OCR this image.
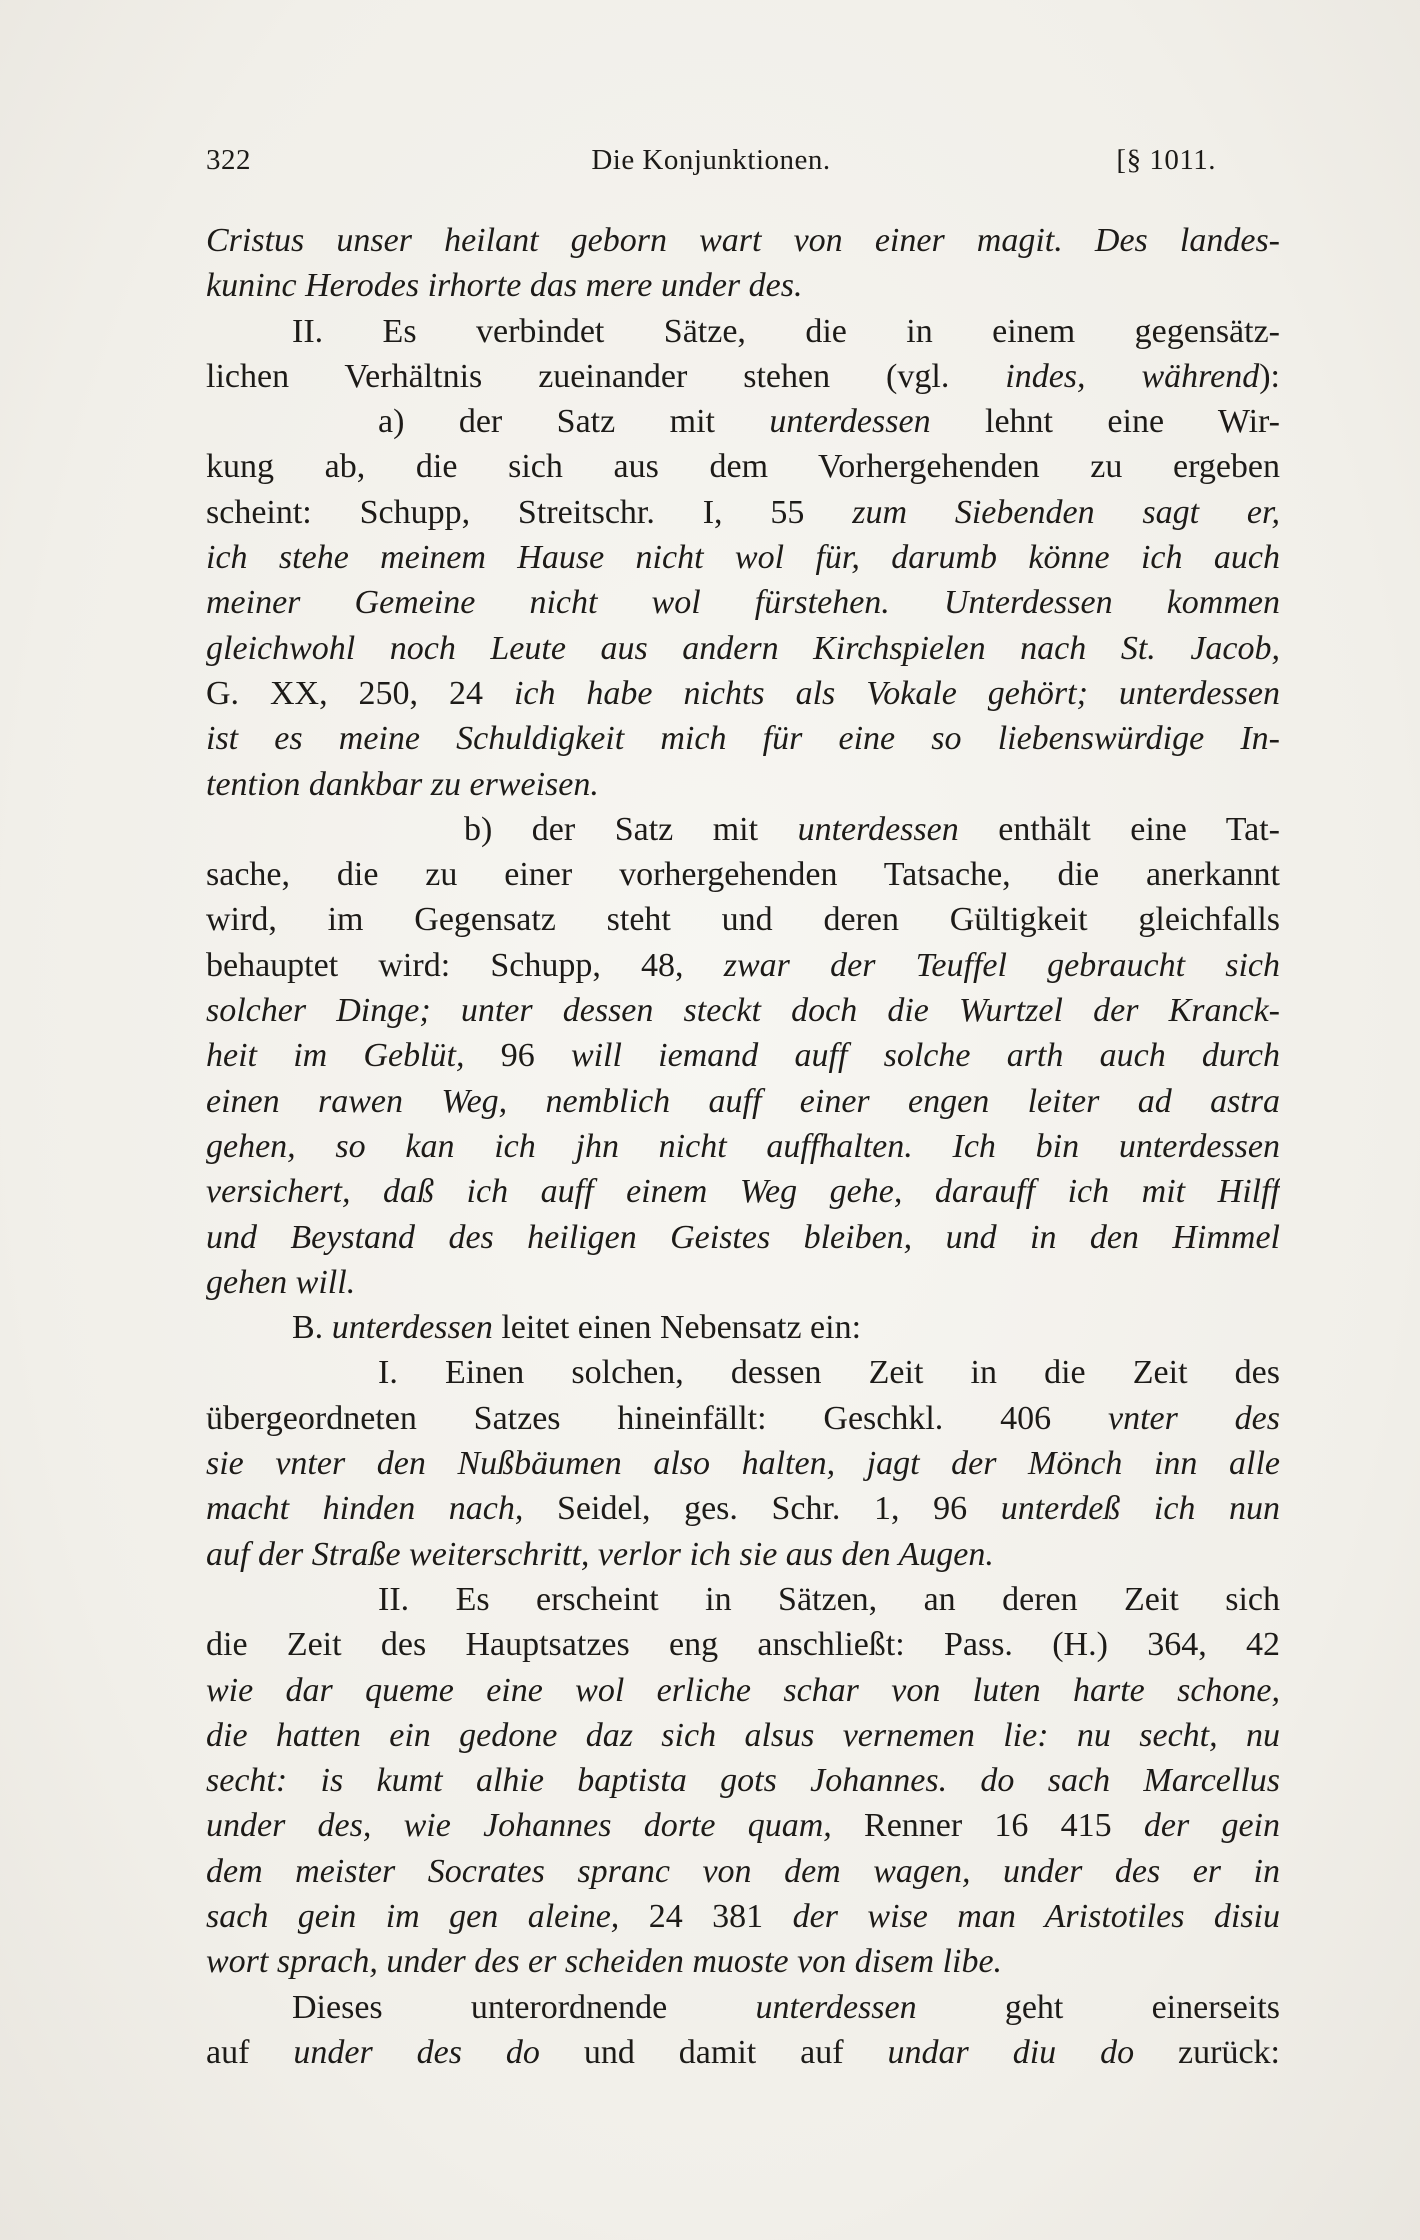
322	Die Konjunktionen.	[§ 1011.
Cristus unser heilant geborn wart von einer magit. Des landes-
kuninc Herodes irhorte das mere under des.
II. Es verbindet Sätze, die in einem gegensätz-
lichen Verhältnis zueinander stehen (vgl. indes, während):
a) der Satz mit unterdessen lehnt eine Wir-
kung ab, die sich aus dem Vorhergehenden zu ergeben
scheint: Schupp, Streitschr. I, 55 zum Siebenden sagt er,
ich stehe meinem Hause nicht wol für, darumb könne ich auch
meiner Gemeine nicht wol fürstehen. Unterdessen kommen
gleichwohl noch Leute aus andern Kirchspielen nach St. Jacob,
G. XX, 250, 24 ich habe nichts als Vokale gehört; unterdessen
ist es meine Schuldigkeit mich für eine so liebenswürdige In-
tention dankbar zu erweisen.
b) der Satz mit unterdessen enthält eine Tat-
sache, die zu einer vorhergehenden Tatsache, die anerkannt
wird, im Gegensatz steht und deren Gültigkeit gleichfalls
behauptet wird: Schupp, 48, zwar der Teuffel gebraucht sich
solcher Dinge; unter dessen steckt doch die Wurtzel der Kranck-
heit im Geblüt, 96 will iemand auff solche arth auch durch
einen rawen Weg, nemblich auff einer engen leiter ad astra
gehen, so kan ich jhn nicht auffhalten. Ich bin unterdessen
versichert, daß ich auff einem Weg gehe, darauff ich mit Hilff
und Beystand des heiligen Geistes bleiben, und in den Himmel
gehen will.
B. unterdessen leitet einen Nebensatz ein:
I. Einen solchen, dessen Zeit in die Zeit des
übergeordneten Satzes hineinfällt: Geschkl. 406 vnter des
sie vnter den Nußbäumen also halten, jagt der Mönch inn alle
macht hinden nach, Seidel, ges. Schr. 1, 96 unterdeß ich nun
auf der Straße weiterschritt, verlor ich sie aus den Augen.
II. Es erscheint in Sätzen, an deren Zeit sich
die Zeit des Hauptsatzes eng anschließt: Pass. (H.) 364, 42
wie dar queme eine wol erliche schar von luten harte schone,
die hatten ein gedone daz sich alsus vernemen lie: nu secht, nu
secht: is kumt alhie baptista gots Johannes. do sach Marcellus
under des, wie Johannes dorte quam, Renner 16 415 der gein
dem meister Socrates spranc von dem wagen, under des er in
sach gein im gen aleine, 24 381 der wise man Aristotiles disiu
wort sprach, under des er scheiden muoste von disem libe.
Dieses unterordnende unterdessen geht einerseits
auf under des do und damit auf undar diu do zurück:
